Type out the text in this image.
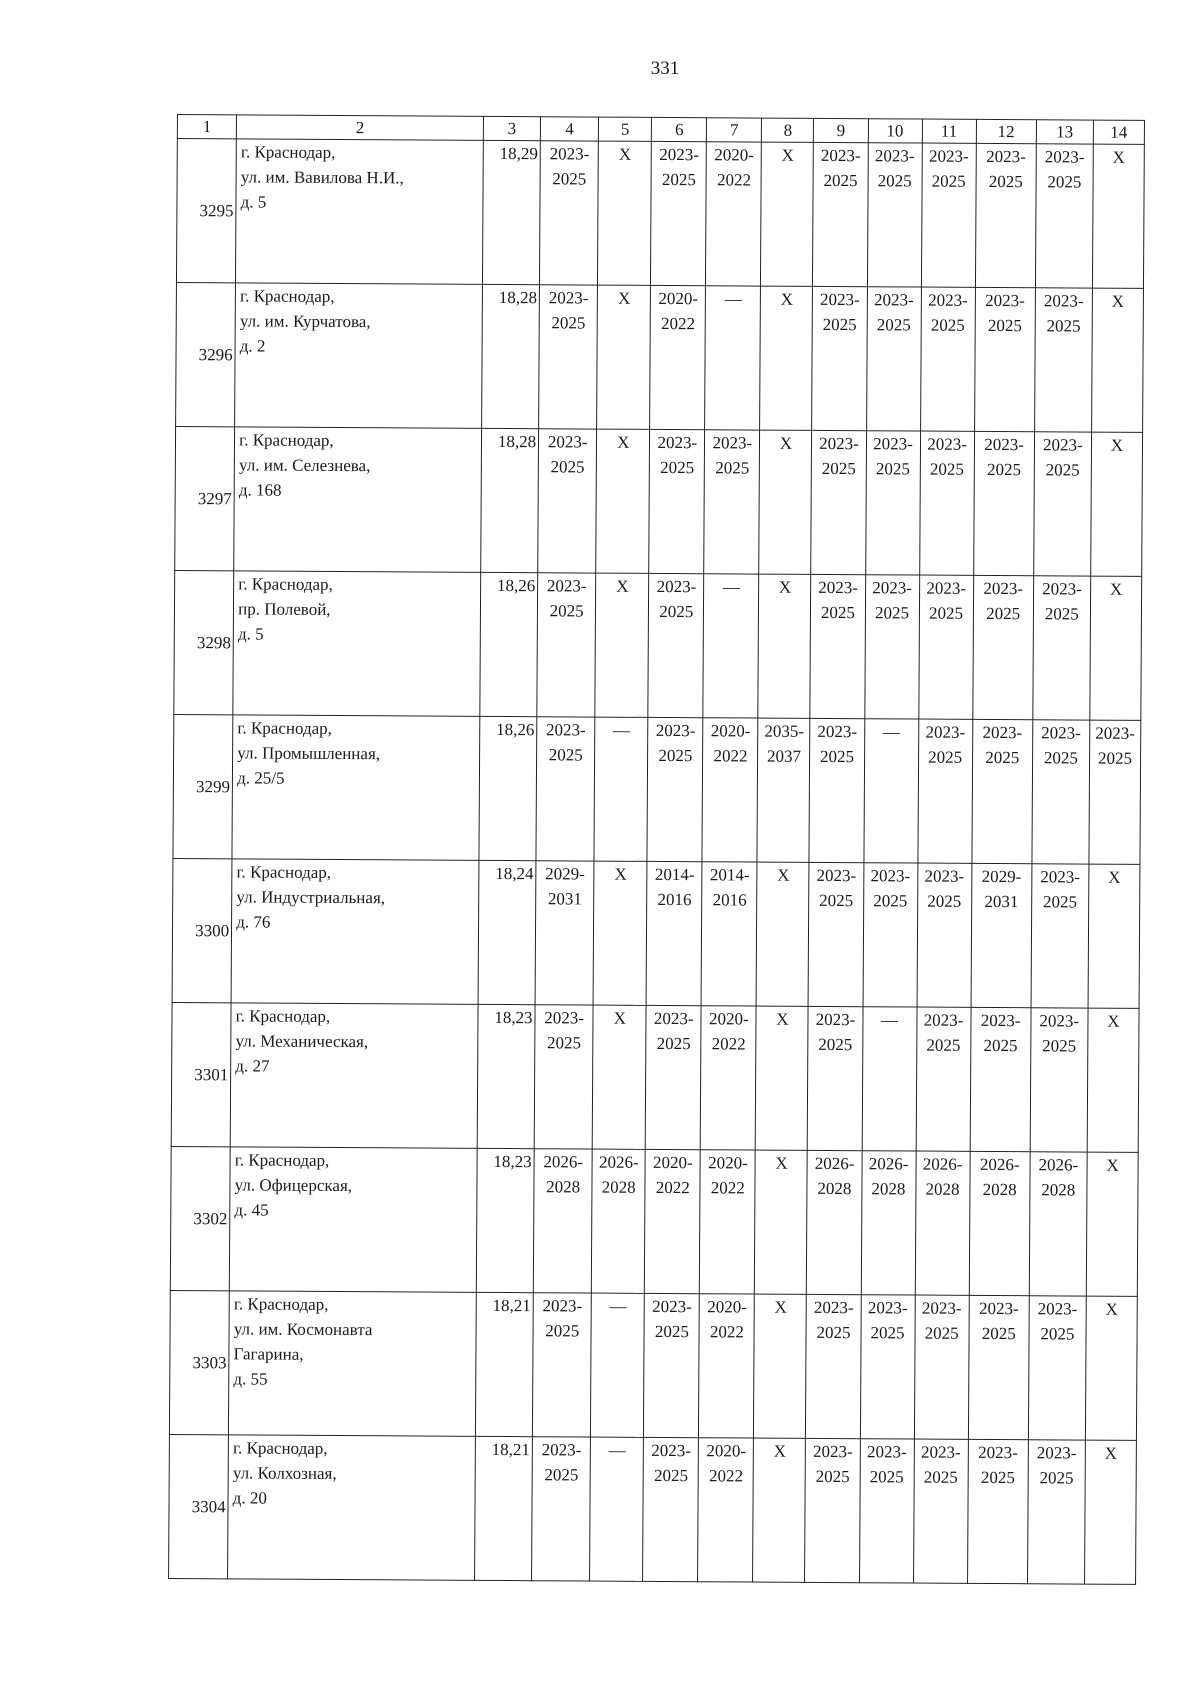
331
1	2	3	4	5	6	7	8	9	10	11	12	13	14
3295	г. Краснодар,
ул. им. Вавилова Н.И.,
д. 5	18,29	2023-
2025	X	2023-
2025	2020-
2022	X	2023-
2025	2023-
2025	2023-
2025	2023-
2025	2023-
2025	X

3296	г. Краснодар,
ул. им. Курчатова,
д. 2	18,28	2023-
2025	X	2020-
2022	—	X	2023-
2025	2023-
2025	2023-
2025	2023-
2025	2023-
2025	X

3297	г. Краснодар,
ул. им. Селезнева,
д. 168	18,28	2023-
2025	X	2023-
2025	2023-
2025	X	2023-
2025	2023-
2025	2023-
2025	2023-
2025	2023-
2025	X

3298	г. Краснодар,
пр. Полевой,
д. 5	18,26	2023-
2025	X	2023-
2025	—	X	2023-
2025	2023-
2025	2023-
2025	2023-
2025	2023-
2025	X

3299	г. Краснодар,
ул. Промышленная,
д. 25/5	18,26	2023-
2025	—	2023-
2025	2020-
2022	2035-
2037	2023-
2025	—	2023-
2025	2023-
2025	2023-
2025	2023-
2025

3300	г. Краснодар,
ул. Индустриальная,
д. 76	18,24	2029-
2031	X	2014-
2016	2014-
2016	X	2023-
2025	2023-
2025	2023-
2025	2029-
2031	2023-
2025	X

3301	г. Краснодар,
ул. Механическая,
д. 27	18,23	2023-
2025	X	2023-
2025	2020-
2022	X	2023-
2025	—	2023-
2025	2023-
2025	2023-
2025	X

3302	г. Краснодар,
ул. Офицерская,
д. 45	18,23	2026-
2028	2026-
2028	2020-
2022	2020-
2022	X	2026-
2028	2026-
2028	2026-
2028	2026-
2028	2026-
2028	X

3303	г. Краснодар,
ул. им. Космонавта
Гагарина,
д. 55	18,21	2023-
2025	—	2023-
2025	2020-
2022	X	2023-
2025	2023-
2025	2023-
2025	2023-
2025	2023-
2025	X

3304	г. Краснодар,
ул. Колхозная,
д. 20	18,21	2023-
2025	—	2023-
2025	2020-
2022	X	2023-
2025	2023-
2025	2023-
2025	2023-
2025	2023-
2025	X
